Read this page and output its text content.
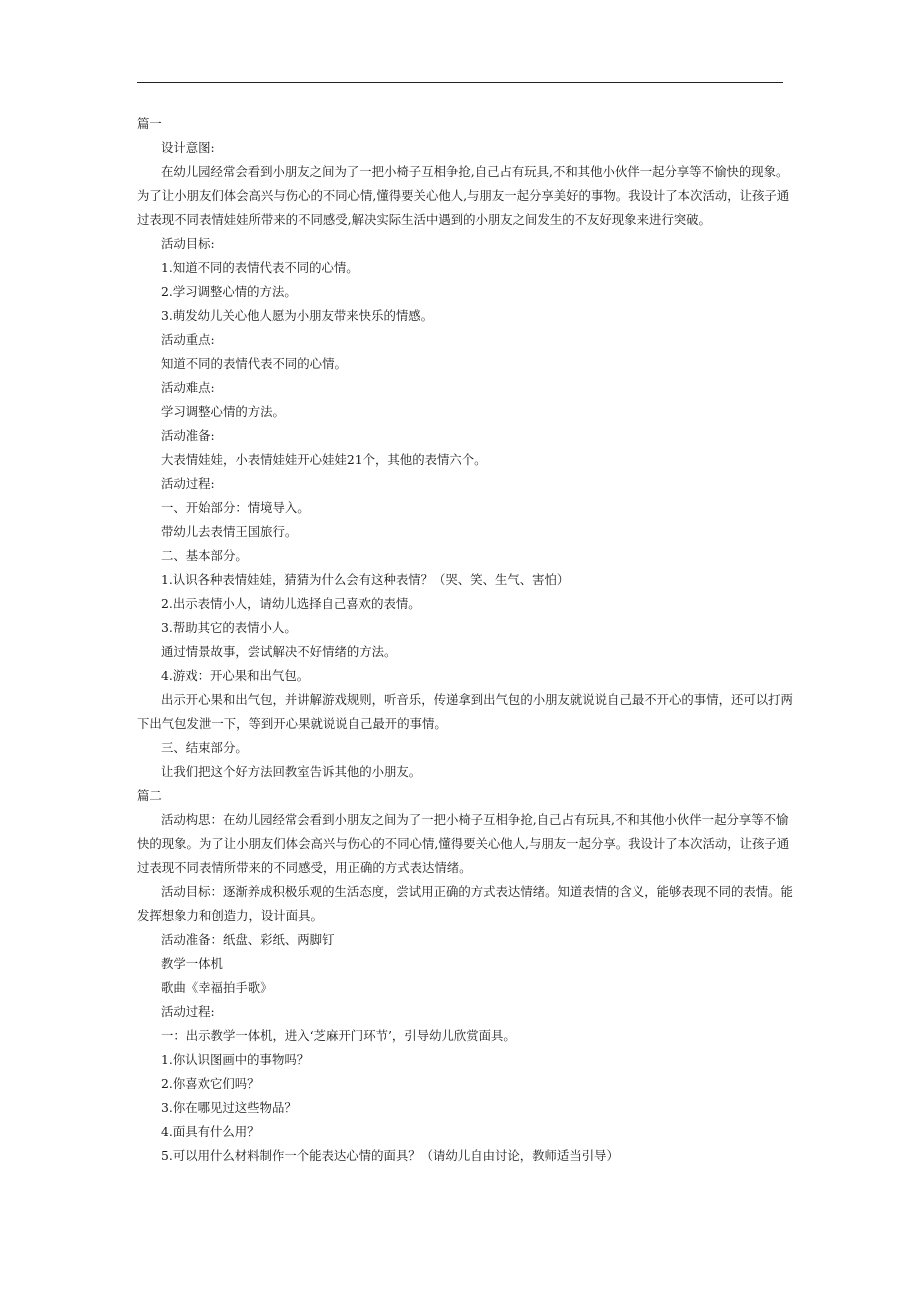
篇一

设计意图:

在幼儿园经常会看到小朋友之间为了一把小椅子互相争抢,自己占有玩具,不和其他小伙伴一起分享等不愉快的现象。为了让小朋友们体会高兴与伤心的不同心情,懂得要关心他人,与朋友一起分享美好的事物。我设计了本次活动，让孩子通过表现不同表情娃娃所带来的不同感受,解决实际生活中遇到的小朋友之间发生的不友好现象来进行突破。

活动目标:

1.知道不同的表情代表不同的心情。

2.学习调整心情的方法。

3.萌发幼儿关心他人愿为小朋友带来快乐的情感。

活动重点:

知道不同的表情代表不同的心情。

活动难点:

学习调整心情的方法。

活动准备:

大表情娃娃，小表情娃娃开心娃娃21个，其他的表情六个。

活动过程:

一、开始部分：情境导入。

带幼儿去表情王国旅行。

二、基本部分。

1.认识各种表情娃娃，猜猜为什么会有这种表情？（哭、笑、生气、害怕）

2.出示表情小人，请幼儿选择自己喜欢的表情。

3.帮助其它的表情小人。

通过情景故事，尝试解决不好情绪的方法。

4.游戏：开心果和出气包。

出示开心果和出气包，并讲解游戏规则，听音乐，传递拿到出气包的小朋友就说说自己最不开心的事情，还可以打两下出气包发泄一下，等到开心果就说说自己最开的事情。

三、结束部分。

让我们把这个好方法回教室告诉其他的小朋友。

篇二

活动构思：在幼儿园经常会看到小朋友之间为了一把小椅子互相争抢,自己占有玩具,不和其他小伙伴一起分享等不愉快的现象。为了让小朋友们体会高兴与伤心的不同心情,懂得要关心他人,与朋友一起分享。我设计了本次活动，让孩子通过表现不同表情所带来的不同感受，用正确的方式表达情绪。

活动目标：逐渐养成积极乐观的生活态度，尝试用正确的方式表达情绪。知道表情的含义，能够表现不同的表情。能发挥想象力和创造力，设计面具。

活动准备：纸盘、彩纸、两脚钉

教学一体机

歌曲《幸福拍手歌》

活动过程:

一：出示教学一体机，进入‘芝麻开门环节’，引导幼儿欣赏面具。

1.你认识图画中的事物吗？

2.你喜欢它们吗？

3.你在哪见过这些物品？

4.面具有什么用？

5.可以用什么材料制作一个能表达心情的面具？（请幼儿自由讨论，教师适当引导）
